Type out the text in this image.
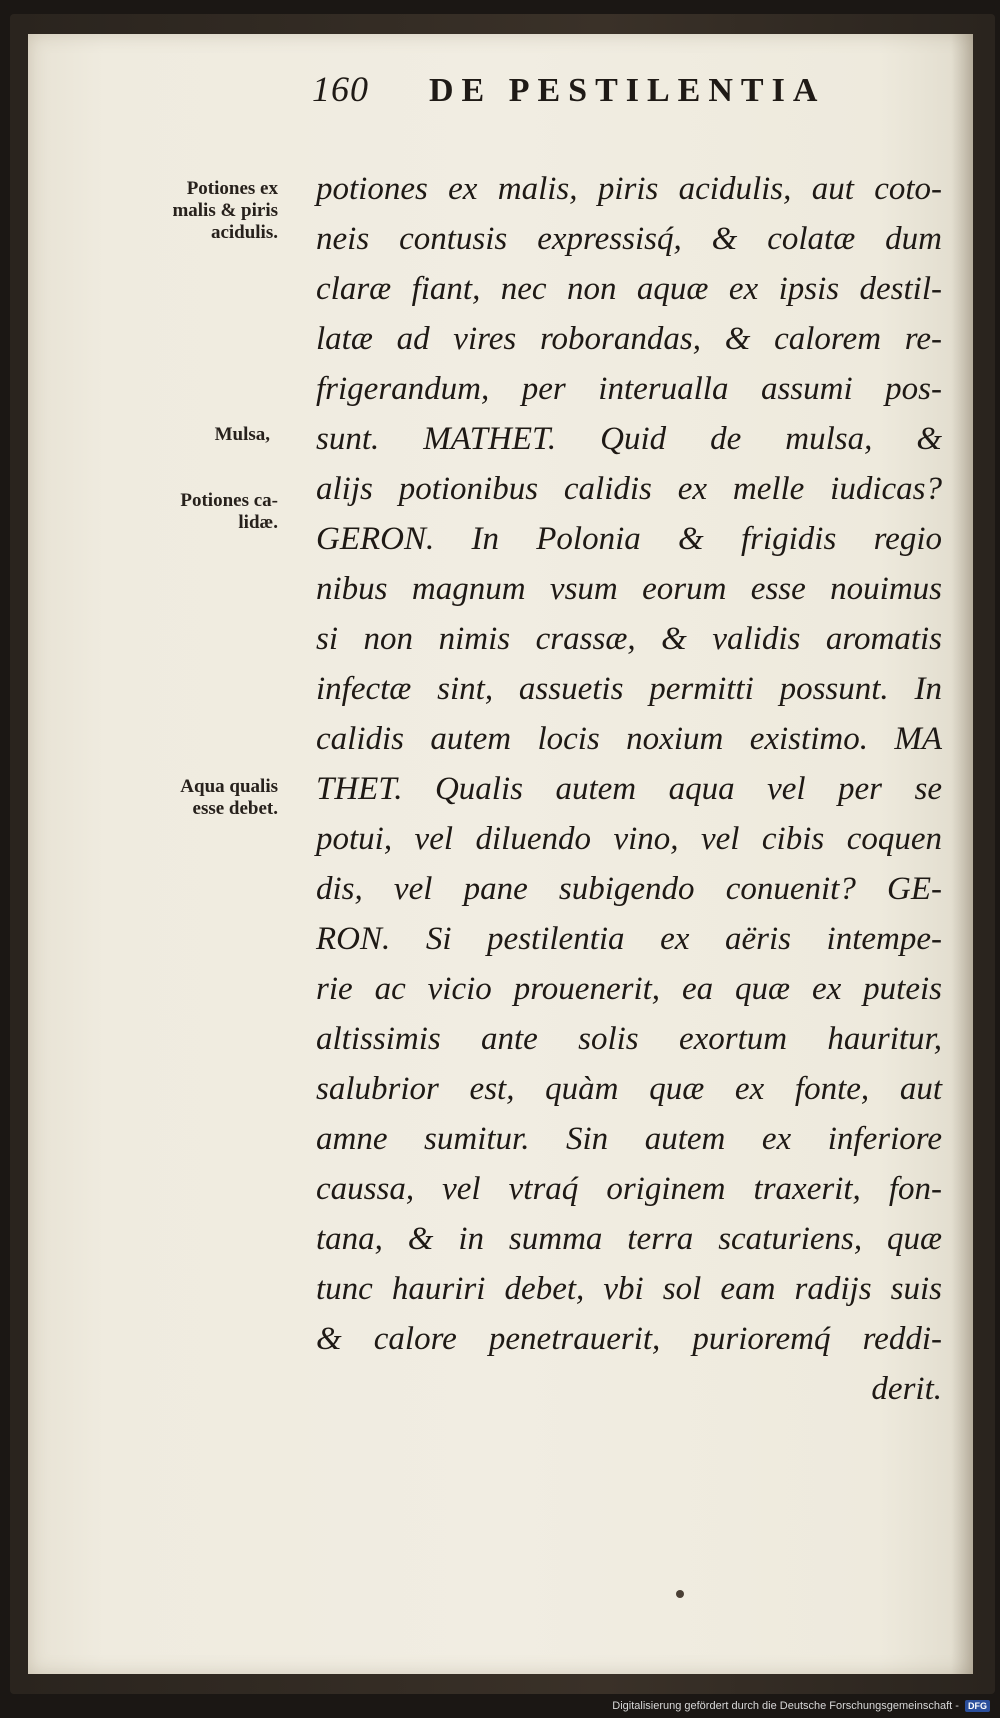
160 DE PESTILENTIA
Potiones ex
malis & piris
acidulis.
Mulsa,
Potiones ca-
lidæ.
Aqua qualis
esse debet.
potiones ex malis, piris acidulis, aut coto-
neis contusis expressisq́, & colatæ dum
claræ fiant, nec non aquæ ex ipsis destil-
latæ ad vires roborandas, & calorem re-
frigerandum, per interualla assumi pos-
sunt. MATHET. Quid de mulsa, &
alijs potionibus calidis ex melle iudicas?
GERON. In Polonia & frigidis regio
nibus magnum vsum eorum esse nouimus
si non nimis crassæ, & validis aromatis
infectæ sint, assuetis permitti possunt. In
calidis autem locis noxium existimo. MA
THET. Qualis autem aqua vel per se
potui, vel diluendo vino, vel cibis coquen
dis, vel pane subigendo conuenit? GE-
RON. Si pestilentia ex aëris intempe-
rie ac vicio prouenerit, ea quæ ex puteis
altissimis ante solis exortum hauritur,
salubrior est, quàm quæ ex fonte, aut
amne sumitur. Sin autem ex inferiore
caussa, vel vtraq́ originem traxerit, fon-
tana, & in summa terra scaturiens, quæ
tunc hauriri debet, vbi sol eam radijs suis
& calore penetrauerit, purioremq́ reddi-
derit.
Digitalisierung gefördert durch die Deutsche Forschungsgemeinschaft - DFG
